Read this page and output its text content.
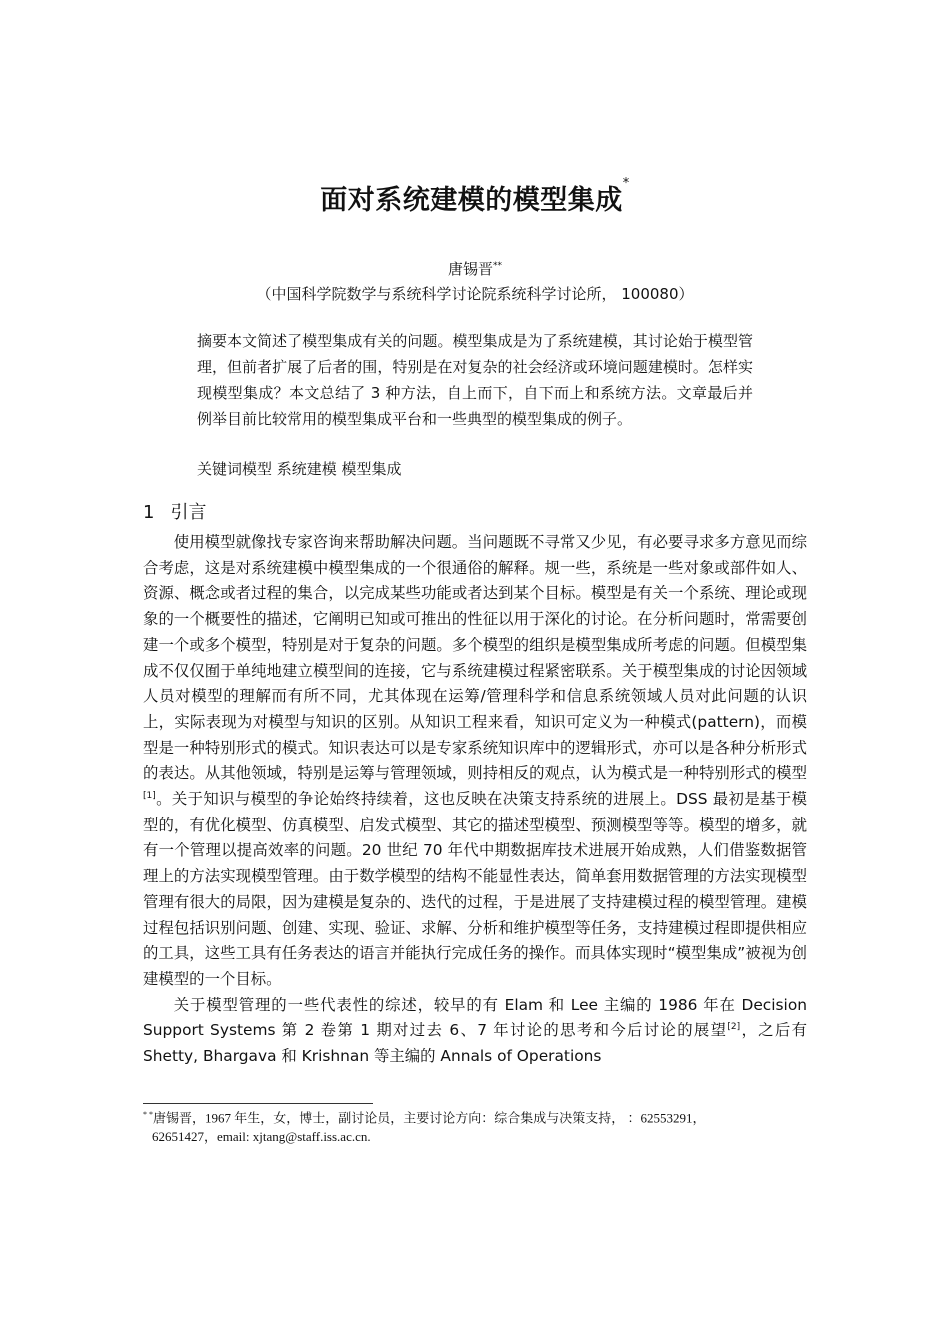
面对系统建模的模型集成*
唐锡晋**
（中国科学院数学与系统科学讨论院系统科学讨论所， 100080）
摘要本文简述了模型集成有关的问题。模型集成是为了系统建模，其讨论始于模型管理，但前者扩展了后者的围，特别是在对复杂的社会经济或环境问题建模时。怎样实现模型集成？本文总结了 3 种方法，自上而下，自下而上和系统方法。文章最后并例举目前比较常用的模型集成平台和一些典型的模型集成的例子。
关键词模型 系统建模 模型集成
1 引言

使用模型就像找专家咨询来帮助解决问题。当问题既不寻常又少见，有必要寻求多方意见而综合考虑，这是对系统建模中模型集成的一个很通俗的解释。规一些，系统是一些对象或部件如人、资源、概念或者过程的集合，以完成某些功能或者达到某个目标。模型是有关一个系统、理论或现象的一个概要性的描述，它阐明已知或可推出的性征以用于深化的讨论。在分析问题时，常需要创建一个或多个模型，特别是对于复杂的问题。多个模型的组织是模型集成所考虑的问题。但模型集成不仅仅囿于单纯地建立模型间的连接，它与系统建模过程紧密联系。关于模型集成的讨论因领域人员对模型的理解而有所不同，尤其体现在运筹/管理科学和信息系统领域人员对此问题的认识上，实际表现为对模型与知识的区别。从知识工程来看，知识可定义为一种模式(pattern)，而模型是一种特别形式的模式。知识表达可以是专家系统知识库中的逻辑形式，亦可以是各种分析形式的表达。从其他领域，特别是运筹与管理领域，则持相反的观点，认为模式是一种特别形式的模型[1]。关于知识与模型的争论始终持续着，这也反映在决策支持系统的进展上。DSS 最初是基于模型的，有优化模型、仿真模型、启发式模型、其它的描述型模型、预测模型等等。模型的增多，就有一个管理以提高效率的问题。20 世纪 70 年代中期数据库技术进展开始成熟，人们借鉴数据管理上的方法实现模型管理。由于数学模型的结构不能显性表达，简单套用数据管理的方法实现模型管理有很大的局限，因为建模是复杂的、迭代的过程，于是进展了支持建模过程的模型管理。建模过程包括识别问题、创建、实现、验证、求解、分析和维护模型等任务，支持建模过程即提供相应的工具，这些工具有任务表达的语言并能执行完成任务的操作。而具体实现时“模型集成”被视为创建模型的一个目标。

关于模型管理的一些代表性的综述，较早的有 Elam 和 Lee 主编的 1986 年在 Decision Support Systems 第 2 卷第 1 期对过去 6、7 年讨论的思考和今后讨论的展望[2]，之后有 Shetty, Bhargava 和 Krishnan 等主编的 Annals of Operations

* *唐锡晋，1967 年生，女，博士，副讨论员，主要讨论方向：综合集成与决策支持， ：62553291，
62651427，email: xjtang@staff.iss.ac.cn.
